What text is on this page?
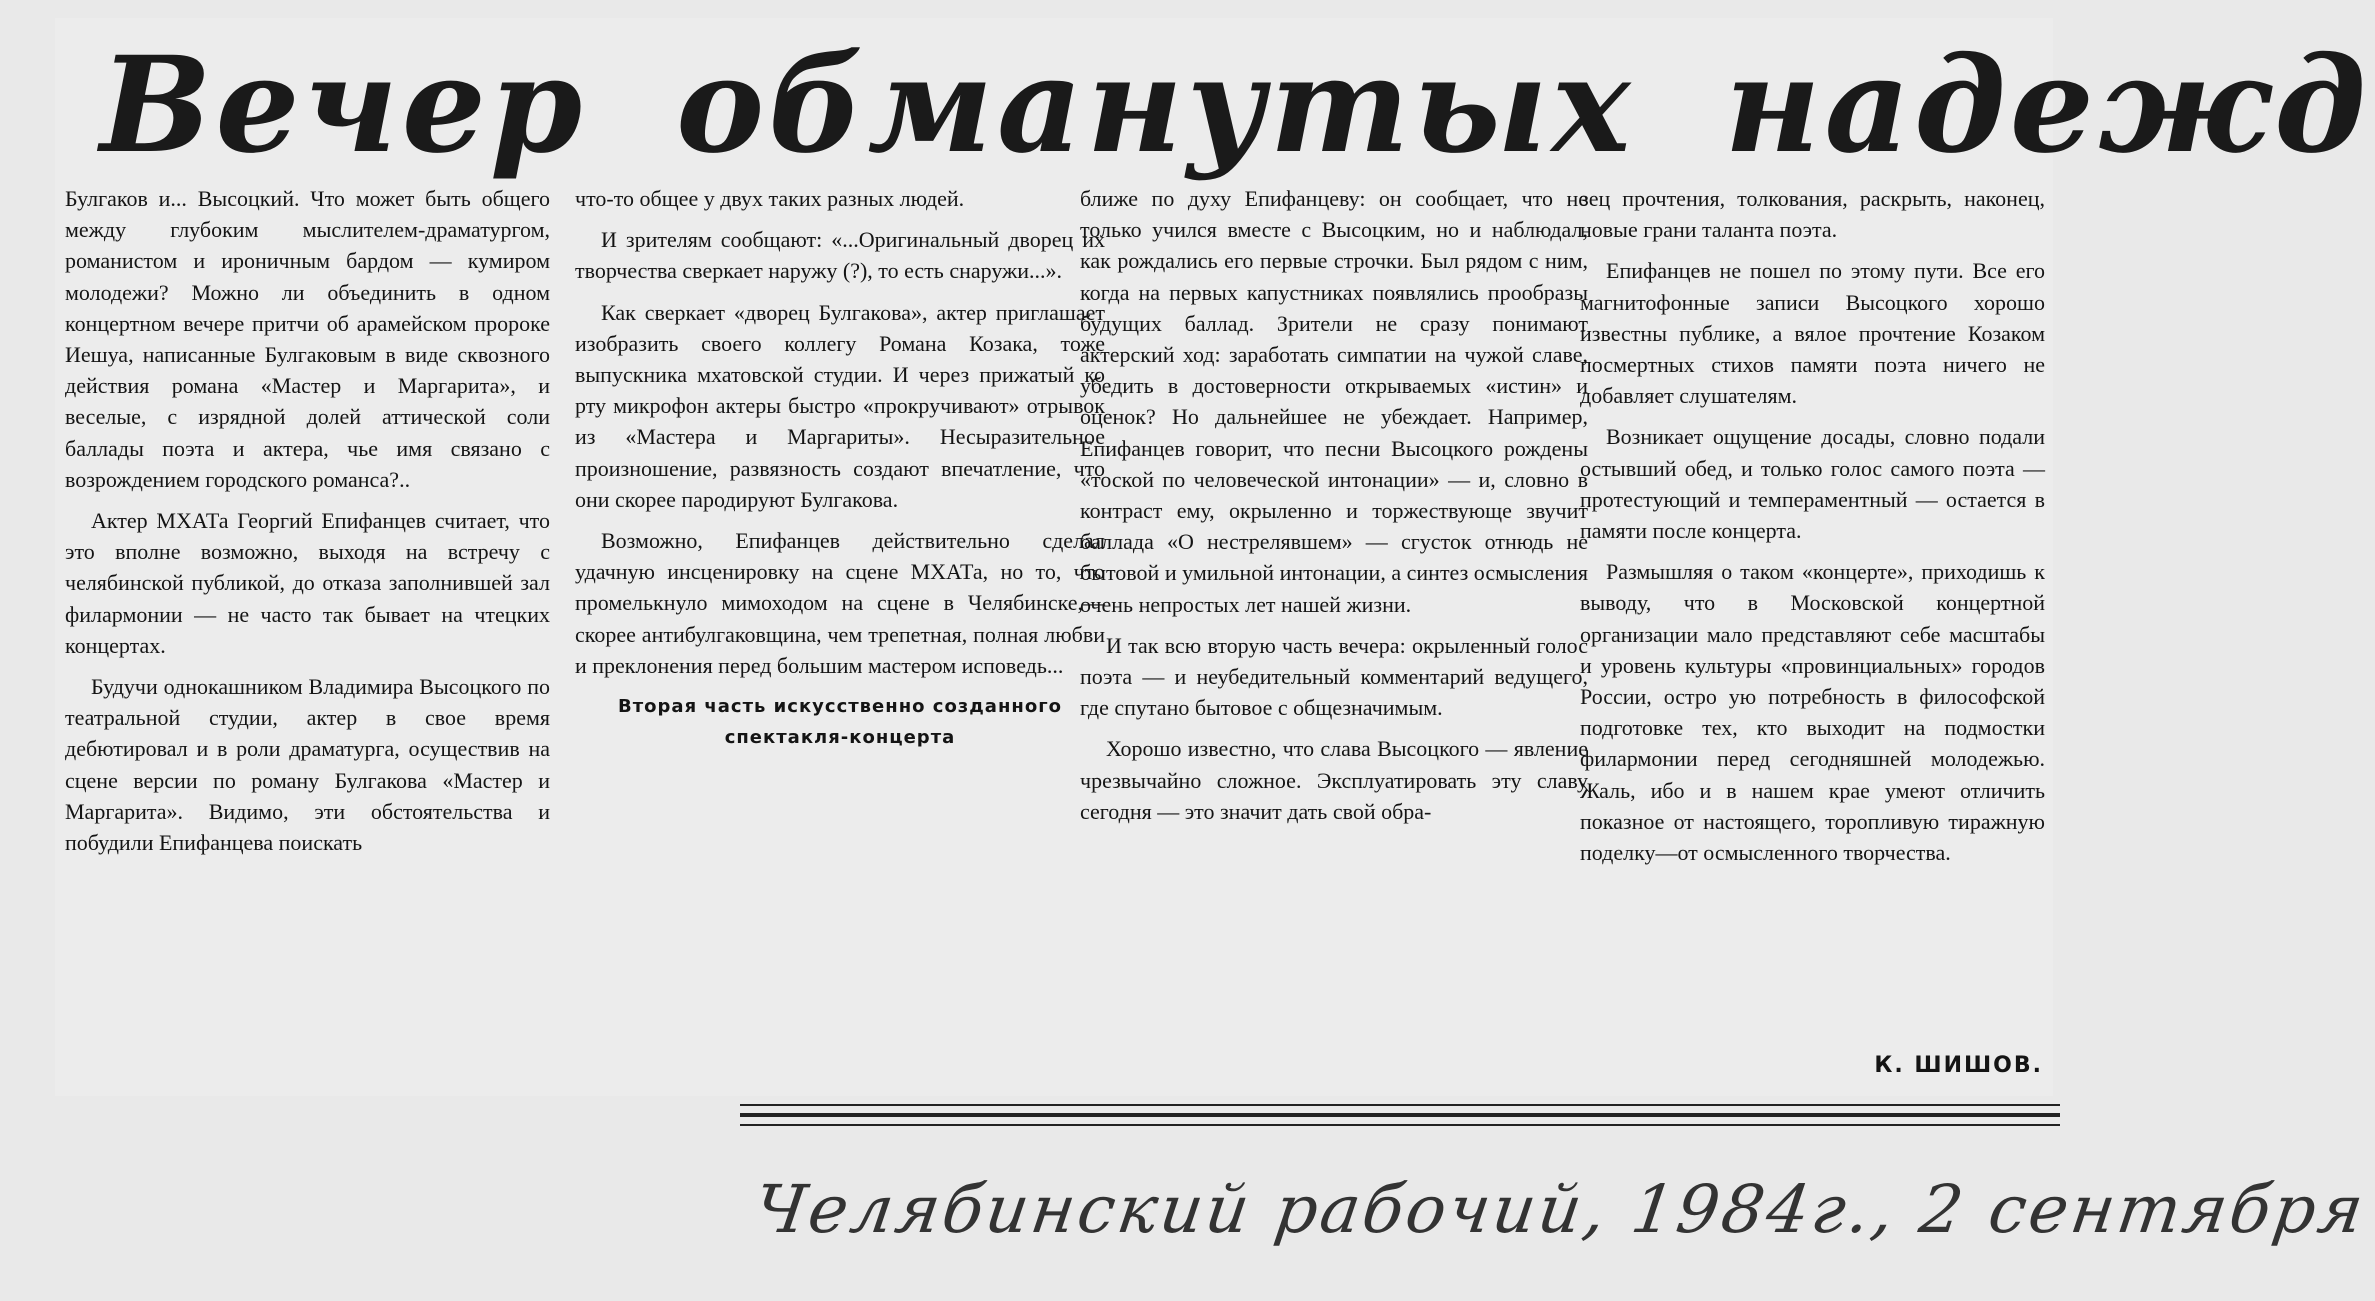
Вечер обманутых надежд

Булгаков и... Высоцкий. Что может быть общего между глубоким мыслителем-драматургом, романистом и ироничным бардом — кумиром молодежи? Можно ли объединить в одном концертном вечере притчи об арамейском пророке Иешуа, написанные Булгаковым в виде сквозного действия романа «Мастер и Маргарита», и веселые, с изрядной долей аттической соли баллады поэта и актера, чье имя связано с возрождением городского романса?..

Актер МХАТа Георгий Епифанцев считает, что это вполне возможно, выходя на встречу с челябинской публикой, до отказа заполнившей зал филармонии — не часто так бывает на чтецких концертах.

Будучи однокашником Владимира Высоцкого по театральной студии, актер в свое время дебютировал и в роли драматурга, осуществив на сцене версии по роману Булгакова «Мастер и Маргарита». Видимо, эти обстоятельства и побудили Епифанцева поискать

что-то общее у двух таких разных людей.

И зрителям сообщают: «...Оригинальный дворец их творчества сверкает наружу (?), то есть снаружи...».

Как сверкает «дворец Булгакова», актер приглашает изобразить своего коллегу Романа Козака, тоже выпускника мхатовской студии. И через прижатый ко рту микрофон актеры быстро «прокручивают» отрывок из «Мастера и Маргариты». Несыразительное произношение, развязность создают впечатление, что они скорее пародируют Булгакова.

Возможно, Епифанцев действительно сделал удачную инсценировку на сцене МХАТа, но то, что промелькнуло мимоходом на сцене в Челябинске,—скорее антибулгаковщина, чем трепетная, полная любви и преклонения перед большим мастером исповедь...

Вторая часть искусственно созданного спектакля-концерта

ближе по духу Епифанцеву: он сообщает, что не только учился вместе с Высоцким, но и наблюдал, как рождались его первые строчки. Был рядом с ним, когда на первых капустниках появлялись прообразы будущих баллад. Зрители не сразу понимают актерский ход: заработать симпатии на чужой славе, убедить в достоверности открываемых «истин» и оценок? Но дальнейшее не убеждает. Например, Епифанцев говорит, что песни Высоцкого рождены «тоской по человеческой интонации» — и, словно в контраст ему, окрыленно и торжествующе звучит баллада «О нестрелявшем» — сгусток отнюдь не бытовой и умильной интонации, а синтез осмысления очень непростых лет нашей жизни.

И так всю вторую часть вечера: окрыленный голос поэта — и неубедительный комментарий ведущего, где спутано бытовое с общезначимым.

Хорошо известно, что слава Высоцкого — явление чрезвычайно сложное. Эксплуатировать эту славу сегодня — это значит дать свой обра-

зец прочтения, толкования, раскрыть, наконец, новые грани таланта поэта.

Епифанцев не пошел по этому пути. Все его магнитофонные записи Высоцкого хорошо известны публике, а вялое прочтение Козаком посмертных стихов памяти поэта ничего не добавляет слушателям.

Возникает ощущение досады, словно подали остывший обед, и только голос самого поэта — протестующий и темпераментный — остается в памяти после концерта.

Размышляя о таком «концерте», приходишь к выводу, что в Московской концертной организации мало представляют себе масштабы и уровень культуры «провинциальных» городов России, остро ую потребность в философской подготовке тех, кто выходит на подмостки филармонии перед сегодняшней молодежью. Жаль, ибо и в нашем крае умеют отличить показное от настоящего, торопливую тиражную поделку—от осмысленного творчества.

К. ШИШОВ.
Челябинский рабочий, 1984г., 2 сентября
